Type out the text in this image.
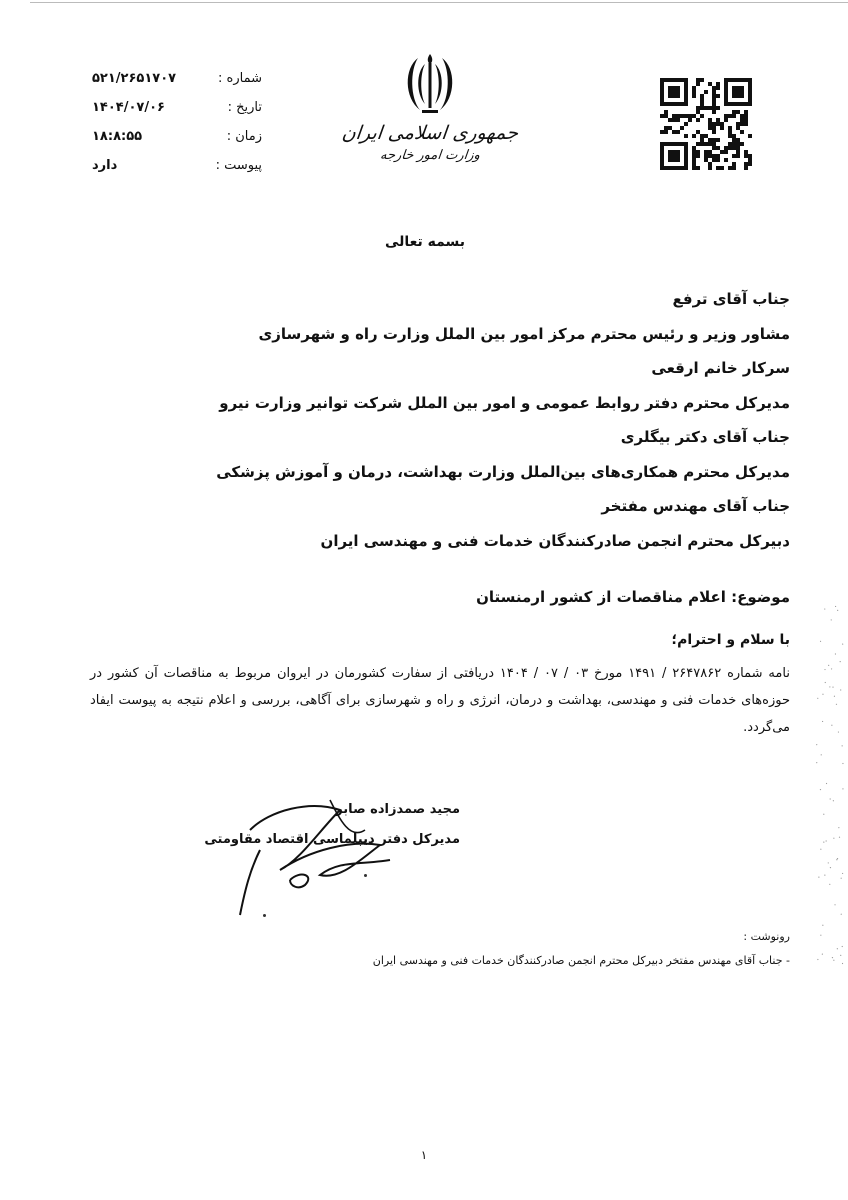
شماره :
۵۲۱/۲۶۵۱۷۰۷
تاریخ :
۱۴۰۴/۰۷/۰۶
زمان :
۱۸:۸:۵۵
پیوست :
دارد
جمهوری اسلامی ایران
وزارت امور خارجه
بسمه تعالی
جناب آقای ترفع
مشاور وزیر و رئیس محترم مرکز امور بین الملل وزارت راه و شهرسازی
سرکار خانم ارقعی
مدیرکل محترم دفتر روابط عمومی و امور بین الملل شرکت توانیر وزارت نیرو
جناب آقای دکتر بیگلری
مدیرکل محترم همکاری‌های بین‌الملل وزارت بهداشت، درمان و آموزش پزشکی
جناب آقای مهندس مفتخر
دبیرکل محترم انجمن صادرکنندگان خدمات فنی و مهندسی ایران
موضوع: اعلام مناقصات از کشور ارمنستان
با سلام و احترام؛
نامه شماره ۲۶۴۷۸۶۲ / ۱۴۹۱ مورخ ۰۳ / ۰۷ / ۱۴۰۴ دریافتی از سفارت کشورمان در ایروان مربوط به مناقصات آن کشور در حوزه‌های خدمات فنی و مهندسی، بهداشت و درمان، انرژی و راه و شهرسازی برای آگاهی، بررسی و اعلام نتیجه به پیوست ایفاد می‌گردد.
مجید صمدزاده صابر
مدیرکل دفتر دیپلماسی اقتصاد مقاومتی
رونوشت :
- جناب آقای مهندس مفتخر دبیرکل محترم انجمن صادرکنندگان خدمات فنی و مهندسی ایران
۱
